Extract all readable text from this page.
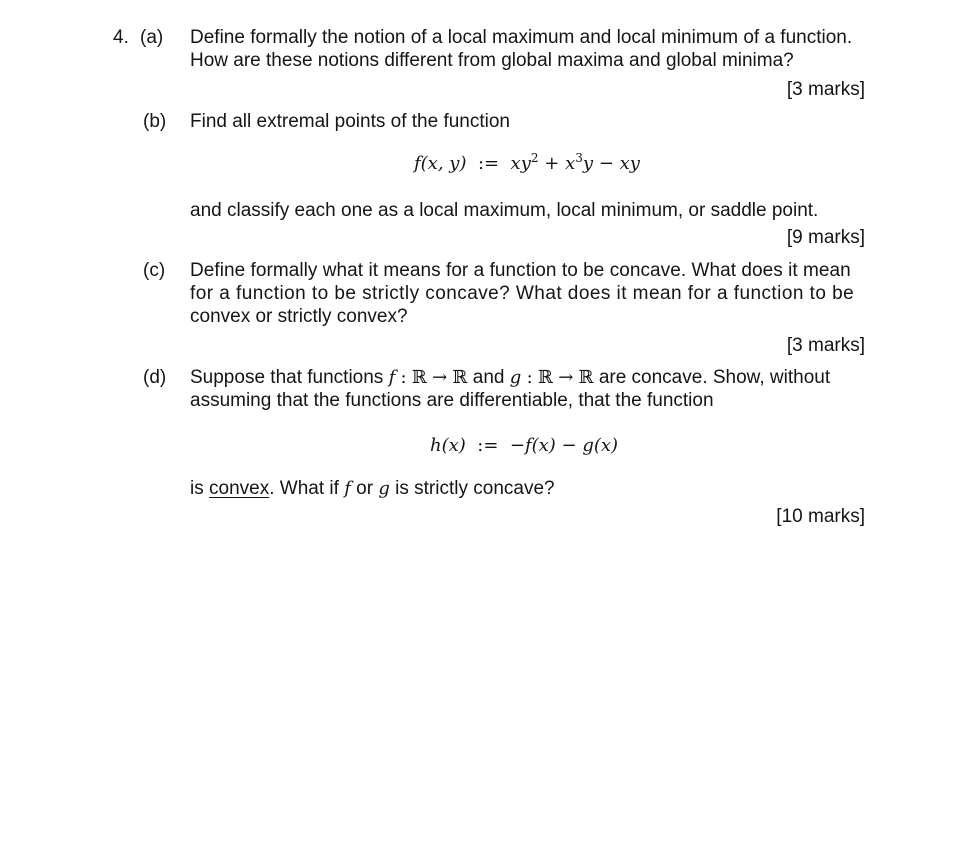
4. (a) Define formally the notion of a local maximum and local minimum of a function.
How are these notions different from global maxima and global minima?
[3 marks]
(b) Find all extremal points of the function
f(x, y) := $xy^2 + x^3y$ − xy
and classify each one as a local maximum, local minimum, or saddle point.
[9 marks]
(c) Define formally what it means for a function to be concave. What does it mean
for a function to be strictly concave? What does it mean for a function to be
convex or strictly convex?
[3 marks]
(d) Suppose that functions f : ℝ → ℝ and g : ℝ → ℝ are concave. Show, without
assuming that the functions are differentiable, that the function
h(x) := −f(x) − g(x)
is convex. What if f or g is strictly concave?
[10 marks]
